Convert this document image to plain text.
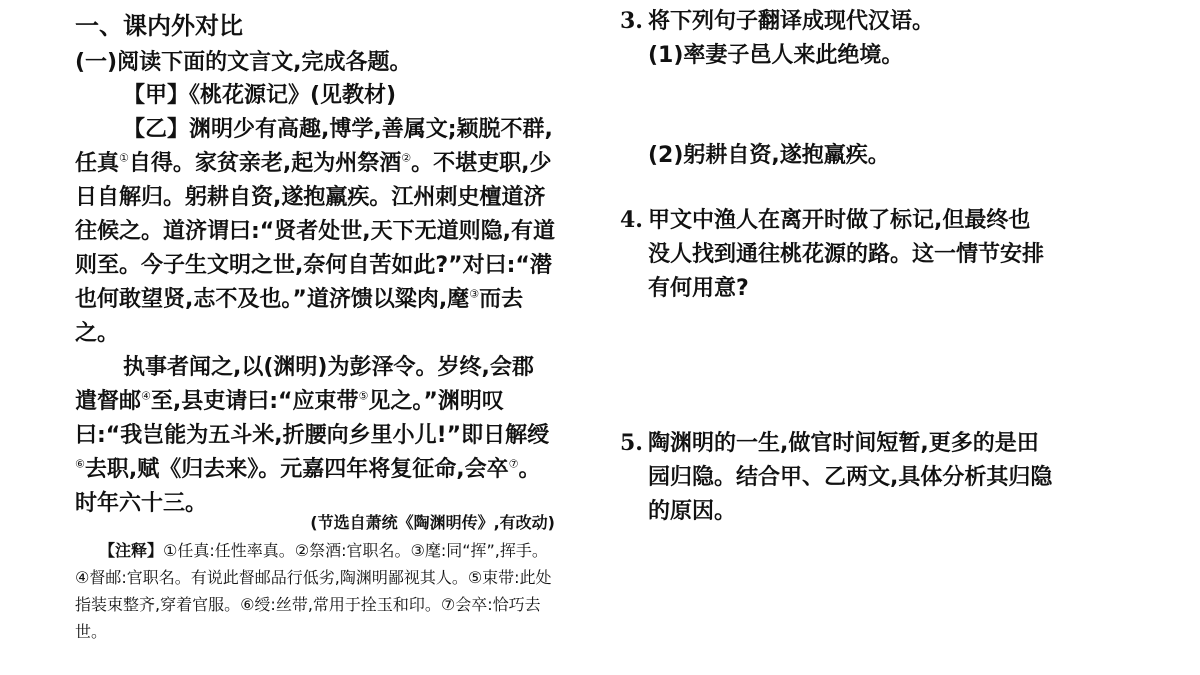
一、课内外对比
(一)阅读下面的文言文,完成各题。
【甲】《桃花源记》(见教材)
【乙】渊明少有高趣,博学,善属文;颖脱不群,任真①自得。家贫亲老,起为州祭酒②。不堪吏职,少日自解归。躬耕自资,遂抱羸疾。江州刺史檀道济往候之。道济谓曰:“贤者处世,天下无道则隐,有道则至。今子生文明之世,奈何自苦如此?”对曰:“潜也何敢望贤,志不及也。”道济馈以粱肉,麾③而去之。
执事者闻之,以(渊明)为彭泽令。岁终,会郡遣督邮④至,县吏请曰:“应束带⑤见之。”渊明叹曰:“我岂能为五斗米,折腰向乡里小儿!”即日解绶⑥去职,赋《归去来》。元嘉四年将复征命,会卒⑦。时年六十三。
(节选自萧统《陶渊明传》,有改动)
【注释】①任真:任性率真。②祭酒:官职名。③麾:同“挥”,挥手。④督邮:官职名。有说此督邮品行低劣,陶渊明鄙视其人。⑤束带:此处指装束整齐,穿着官服。⑥绶:丝带,常用于拴玉和印。⑦会卒:恰巧去世。
3. 将下列句子翻译成现代汉语。
(1)率妻子邑人来此绝境。
(2)躬耕自资,遂抱羸疾。
4. 甲文中渔人在离开时做了标记,但最终也
没人找到通往桃花源的路。这一情节安排
有何用意?
5. 陶渊明的一生,做官时间短暂,更多的是田
园归隐。结合甲、乙两文,具体分析其归隐
的原因。
